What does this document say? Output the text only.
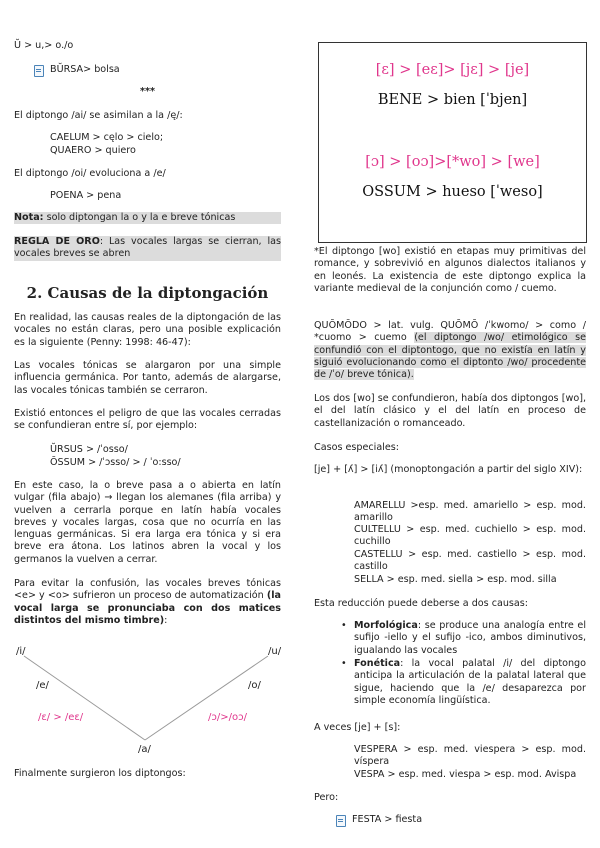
Ŭ > u,> o./o

BŬRSA> bolsa

***

El diptongo /ai/ se asimilan a la /ę/:

CAELUM > cęlo > cielo;

QUAERO > quiero

El diptongo /oi/ evoluciona a /e/

POENA > pena

Nota: solo diptongan la o y la e breve tónicas

REGLA DE ORO: Las vocales largas se cierran, las vocales breves se abren

2. Causas de la diptongación

En realidad, las causas reales de la diptongación de las vocales no están claras, pero una posible explicación es la siguiente (Penny: 1998: 46-47):

Las vocales tónicas se alargaron por una simple influencia germánica. Por tanto, además de alargarse, las vocales tónicas también se cerraron.

Existió entonces el peligro de que las vocales cerradas se confundieran entre sí, por ejemplo:

ŬRSUS > /ˈosso/

ŌSSUM > /ˈɔsso/ > / ˈo:sso/

En este caso, la o breve pasa a o abierta en latín vulgar (fila abajo) → llegan los alemanes (fila arriba) y vuelven a cerrarla porque en latín había vocales breves y vocales largas, cosa que no ocurría en las lenguas germánicas. Si era larga era tónica y si era breve era átona. Los latinos abren la vocal y los germanos la vuelven a cerrar.

Para evitar la confusión, las vocales breves tónicas <e> y <o> sufrieron un proceso de automatización (la vocal larga se pronunciaba con dos matices distintos del mismo timbre):

Finalmente surgieron los diptongos:

/i/	/u/
/e/	/o/
/ɛ/ > /eɛ/	/ɔ/>/oɔ/
/a/
[ɛ] > [eɛ]> [jɛ] > [je]
BENE > bien [ˈbjen]
[ɔ] > [oɔ]>[*wo] > [we]
OSSUM > hueso [ˈweso]

*El diptongo [wo] existió en etapas muy primitivas del romance, y sobrevivió en algunos dialectos italianos y en leonés. La existencia de este diptongo explica la variante medieval de la conjunción como / cuemo.

QUŌMŌDO > lat. vulg. QUŌMŌ /ˈkwomo/ > como / *cuomo > cuemo (el diptongo /wo/ etimológico se confundió con el diptontogo, que no existía en latín y siguió evolucionando como el diptonto /wo/ procedente de /ˈo/ breve tónica).

Los dos [wo] se confundieron, había dos diptongos [wo], el del latín clásico y el del latín en proceso de castellanización o romanceado.

Casos especiales:

[je] + [ʎ] > [iʎ] (monoptongación a partir del siglo XIV):

AMARELLU >esp. med. amariello > esp. mod. amarillo

CULTELLU > esp. med. cuchiello > esp. mod. cuchillo

CASTELLU > esp. med. castiello > esp. mod. castillo

SELLA > esp. med. siella > esp. mod. silla

Esta reducción puede deberse a dos causas:

• Morfológica: se produce una analogía entre el sufijo -iello y el sufijo -ico, ambos diminutivos, igualando las vocales
• Fonética: la vocal palatal /i/ del diptongo anticipa la articulación de la palatal lateral que sigue, haciendo que la /e/ desaparezca por simple economía lingüística.

A veces [je] + [s]:

VESPERA > esp. med. viespera > esp. mod. víspera

VESPA > esp. med. viespa > esp. mod. Avispa

Pero:

FESTA > fiesta
